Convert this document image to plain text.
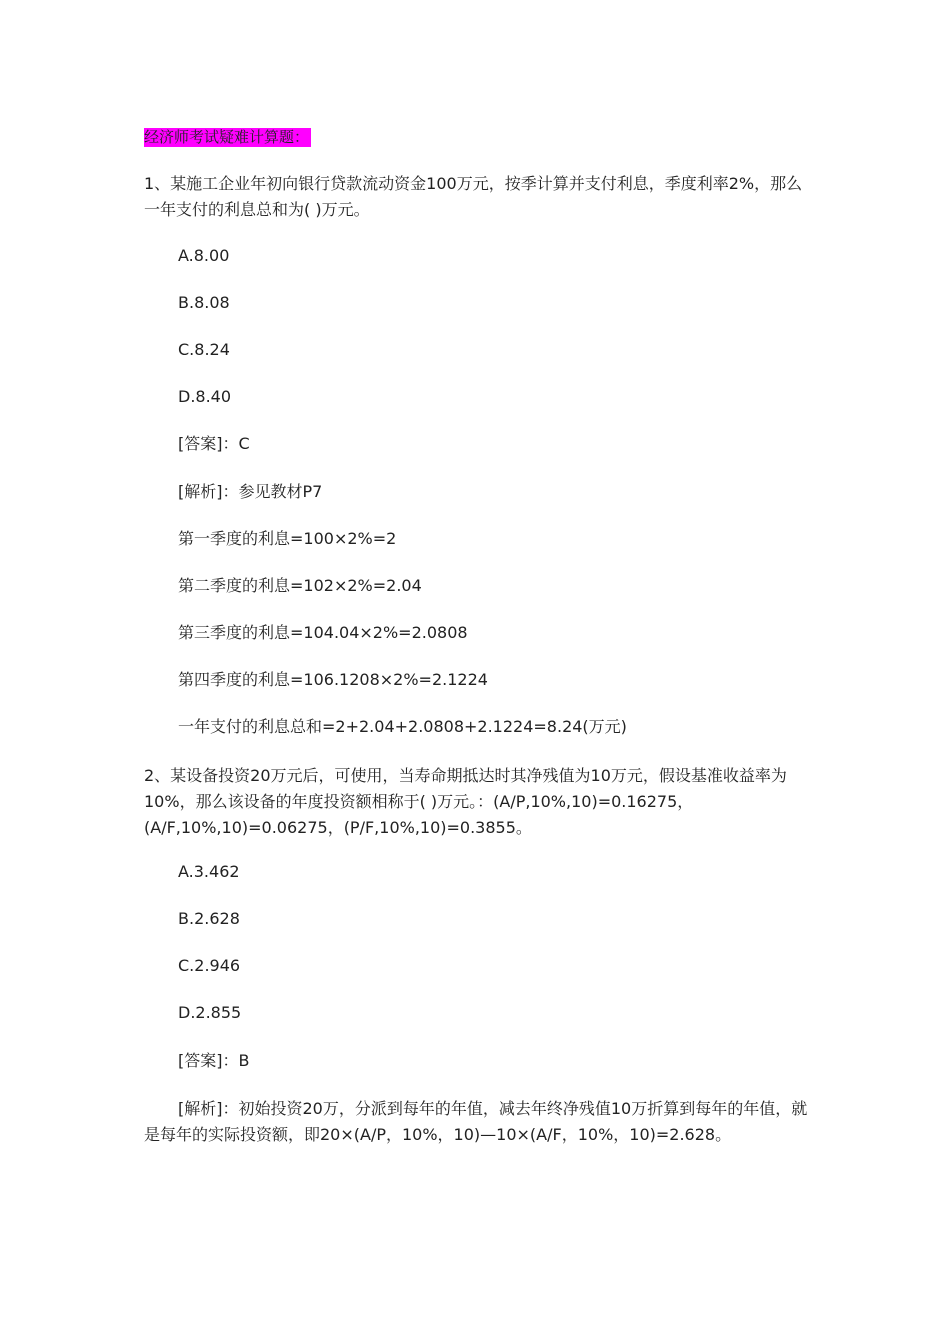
经济师考试疑难计算题：
1、某施工企业年初向银行贷款流动资金100万元，按季计算并支付利息，季度利率2%，那么一年支付的利息总和为( )万元。
A.8.00
B.8.08
C.8.24
D.8.40
[答案]：C
[解析]：参见教材P7
第一季度的利息=100×2%=2
第二季度的利息=102×2%=2.04
第三季度的利息=104.04×2%=2.0808
第四季度的利息=106.1208×2%=2.1224
一年支付的利息总和=2+2.04+2.0808+2.1224=8.24(万元)
2、某设备投资20万元后，可使用，当寿命期抵达时其净残值为10万元，假设基准收益率为10%，那么该设备的年度投资额相称于( )万元。：(A/P,10%,10)=0.16275，(A/F,10%,10)=0.06275，(P/F,10%,10)=0.3855。
A.3.462
B.2.628
C.2.946
D.2.855
[答案]：B
[解析]：初始投资20万，分派到每年的年值，减去年终净残值10万折算到每年的年值，就是每年的实际投资额，即20×(A/P，10%，10)—10×(A/F，10%，10)=2.628。
